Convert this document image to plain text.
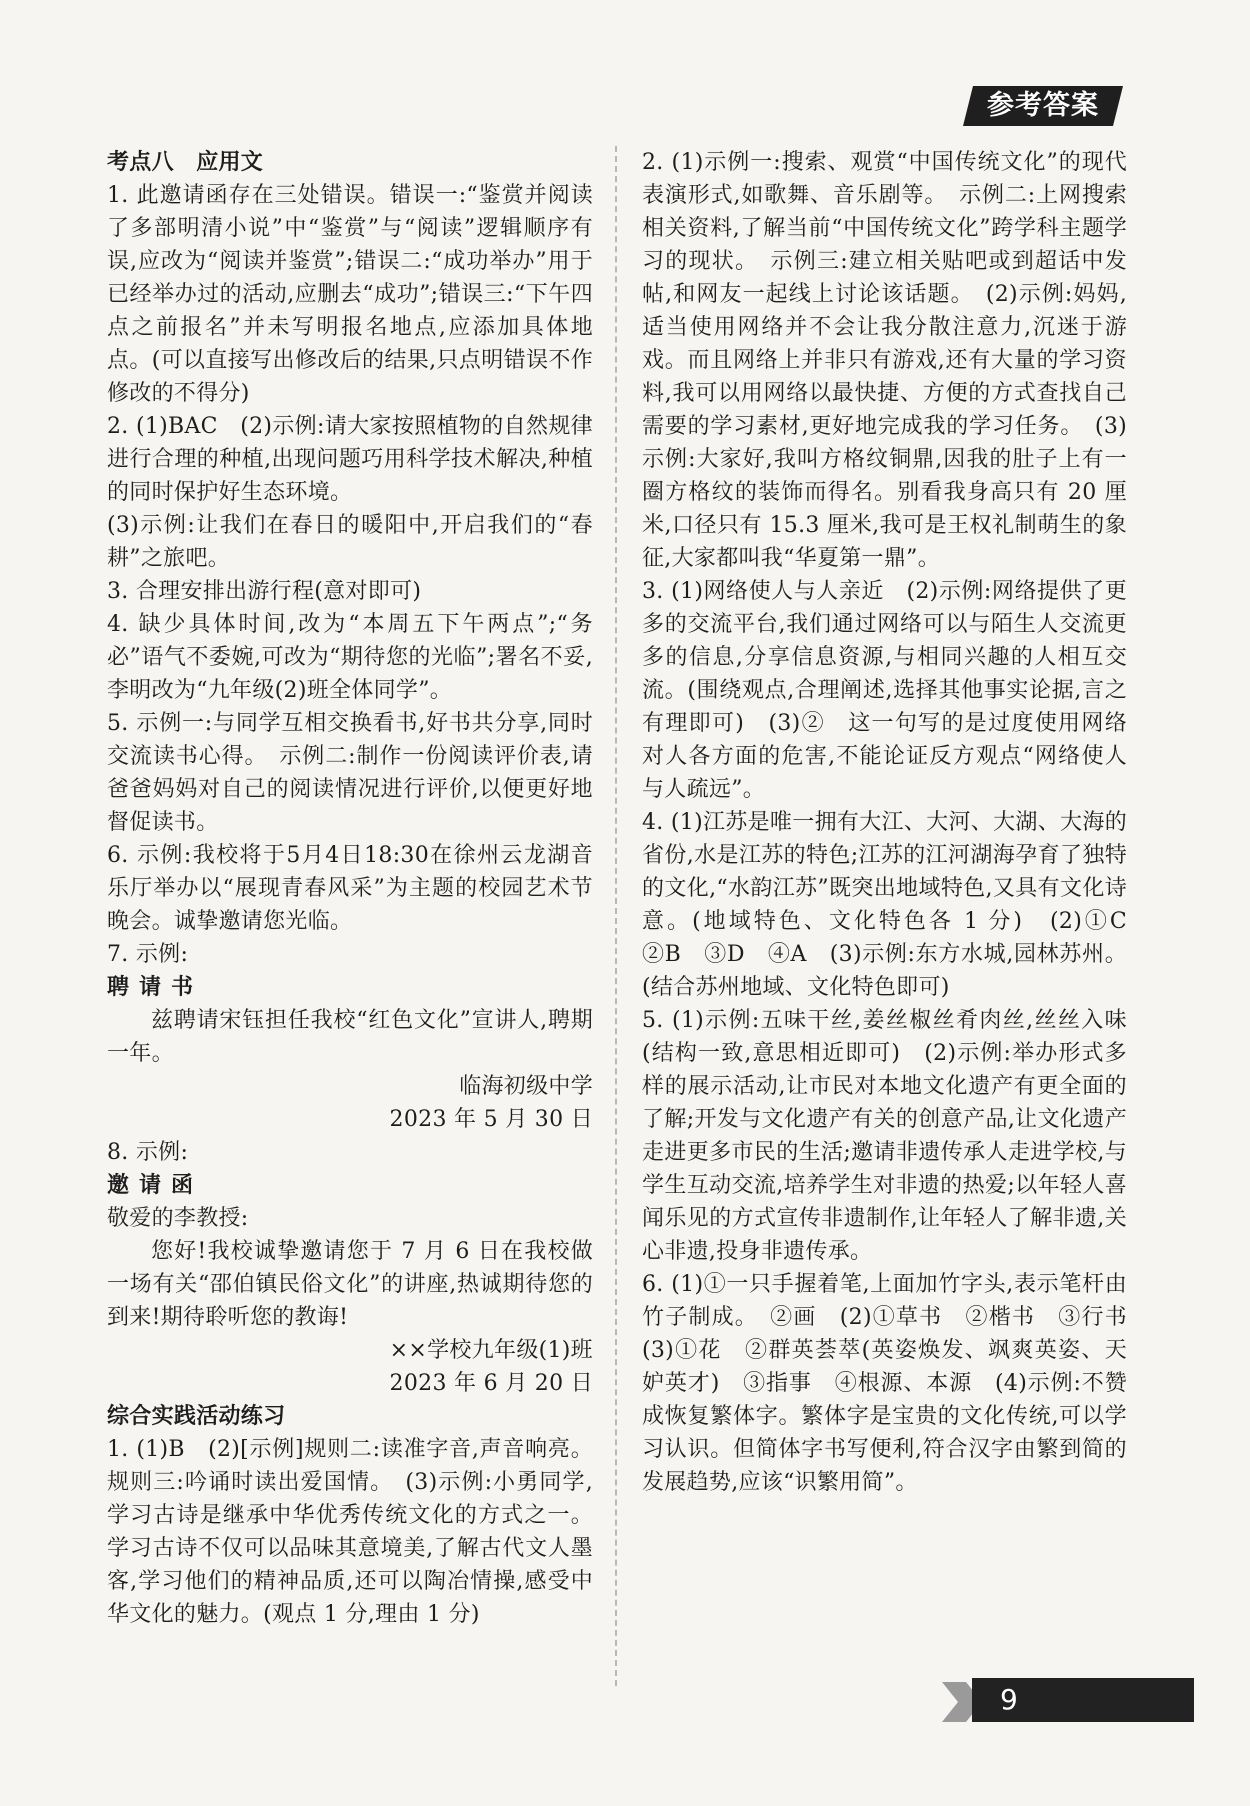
参考答案

考点八　应用文

1. 此邀请函存在三处错误。错误一:“鉴赏并阅读了多部明清小说”中“鉴赏”与“阅读”逻辑顺序有误,应改为“阅读并鉴赏”;错误二:“成功举办”用于已经举办过的活动,应删去“成功”;错误三:“下午四点之前报名”并未写明报名地点,应添加具体地点。(可以直接写出修改后的结果,只点明错误不作修改的不得分)

2. (1)BAC　(2)示例:请大家按照植物的自然规律进行合理的种植,出现问题巧用科学技术解决,种植的同时保护好生态环境。

(3)示例:让我们在春日的暖阳中,开启我们的“春耕”之旅吧。

3. 合理安排出游行程(意对即可)

4. 缺少具体时间,改为“本周五下午两点”;“务必”语气不委婉,可改为“期待您的光临”;署名不妥,李明改为“九年级(2)班全体同学”。

5. 示例一:与同学互相交换看书,好书共分享,同时交流读书心得。　示例二:制作一份阅读评价表,请爸爸妈妈对自己的阅读情况进行评价,以便更好地督促读书。

6. 示例:我校将于5月4日18:30在徐州云龙湖音乐厅举办以“展现青春风采”为主题的校园艺术节晚会。诚挚邀请您光临。

7. 示例:

聘请书

兹聘请宋钰担任我校“红色文化”宣讲人,聘期一年。

临海初级中学

2023 年 5 月 30 日

8. 示例:

邀请函

敬爱的李教授:

您好!我校诚挚邀请您于 7 月 6 日在我校做一场有关“邵伯镇民俗文化”的讲座,热诚期待您的到来!期待聆听您的教诲!

××学校九年级(1)班

2023 年 6 月 20 日

综合实践活动练习

1. (1)B　(2)[示例]规则二:读准字音,声音响亮。规则三:吟诵时读出爱国情。　(3)示例:小勇同学,学习古诗是继承中华优秀传统文化的方式之一。学习古诗不仅可以品味其意境美,了解古代文人墨客,学习他们的精神品质,还可以陶冶情操,感受中华文化的魅力。(观点 1 分,理由 1 分)

2. (1)示例一:搜索、观赏“中国传统文化”的现代表演形式,如歌舞、音乐剧等。　示例二:上网搜索相关资料,了解当前“中国传统文化”跨学科主题学习的现状。　示例三:建立相关贴吧或到超话中发帖,和网友一起线上讨论该话题。　(2)示例:妈妈,适当使用网络并不会让我分散注意力,沉迷于游戏。而且网络上并非只有游戏,还有大量的学习资料,我可以用网络以最快捷、方便的方式查找自己需要的学习素材,更好地完成我的学习任务。　(3)示例:大家好,我叫方格纹铜鼎,因我的肚子上有一圈方格纹的装饰而得名。别看我身高只有 20 厘米,口径只有 15.3 厘米,我可是王权礼制萌生的象征,大家都叫我“华夏第一鼎”。

3. (1)网络使人与人亲近　(2)示例:网络提供了更多的交流平台,我们通过网络可以与陌生人交流更多的信息,分享信息资源,与相同兴趣的人相互交流。(围绕观点,合理阐述,选择其他事实论据,言之有理即可)　(3)②　这一句写的是过度使用网络对人各方面的危害,不能论证反方观点“网络使人与人疏远”。

4. (1)江苏是唯一拥有大江、大河、大湖、大海的省份,水是江苏的特色;江苏的江河湖海孕育了独特的文化,“水韵江苏”既突出地域特色,又具有文化诗意。(地域特色、文化特色各 1 分)　(2)①C　②B　③D　④A　(3)示例:东方水城,园林苏州。(结合苏州地域、文化特色即可)

5. (1)示例:五味干丝,姜丝椒丝肴肉丝,丝丝入味(结构一致,意思相近即可)　(2)示例:举办形式多样的展示活动,让市民对本地文化遗产有更全面的了解;开发与文化遗产有关的创意产品,让文化遗产走进更多市民的生活;邀请非遗传承人走进学校,与学生互动交流,培养学生对非遗的热爱;以年轻人喜闻乐见的方式宣传非遗制作,让年轻人了解非遗,关心非遗,投身非遗传承。

6. (1)①一只手握着笔,上面加竹字头,表示笔杆由竹子制成。　②画　(2)①草书　②楷书　③行书　(3)①花　②群英荟萃(英姿焕发、飒爽英姿、天妒英才)　③指事　④根源、本源　(4)示例:不赞成恢复繁体字。繁体字是宝贵的文化传统,可以学习认识。但简体字书写便利,符合汉字由繁到简的发展趋势,应该“识繁用简”。

9
